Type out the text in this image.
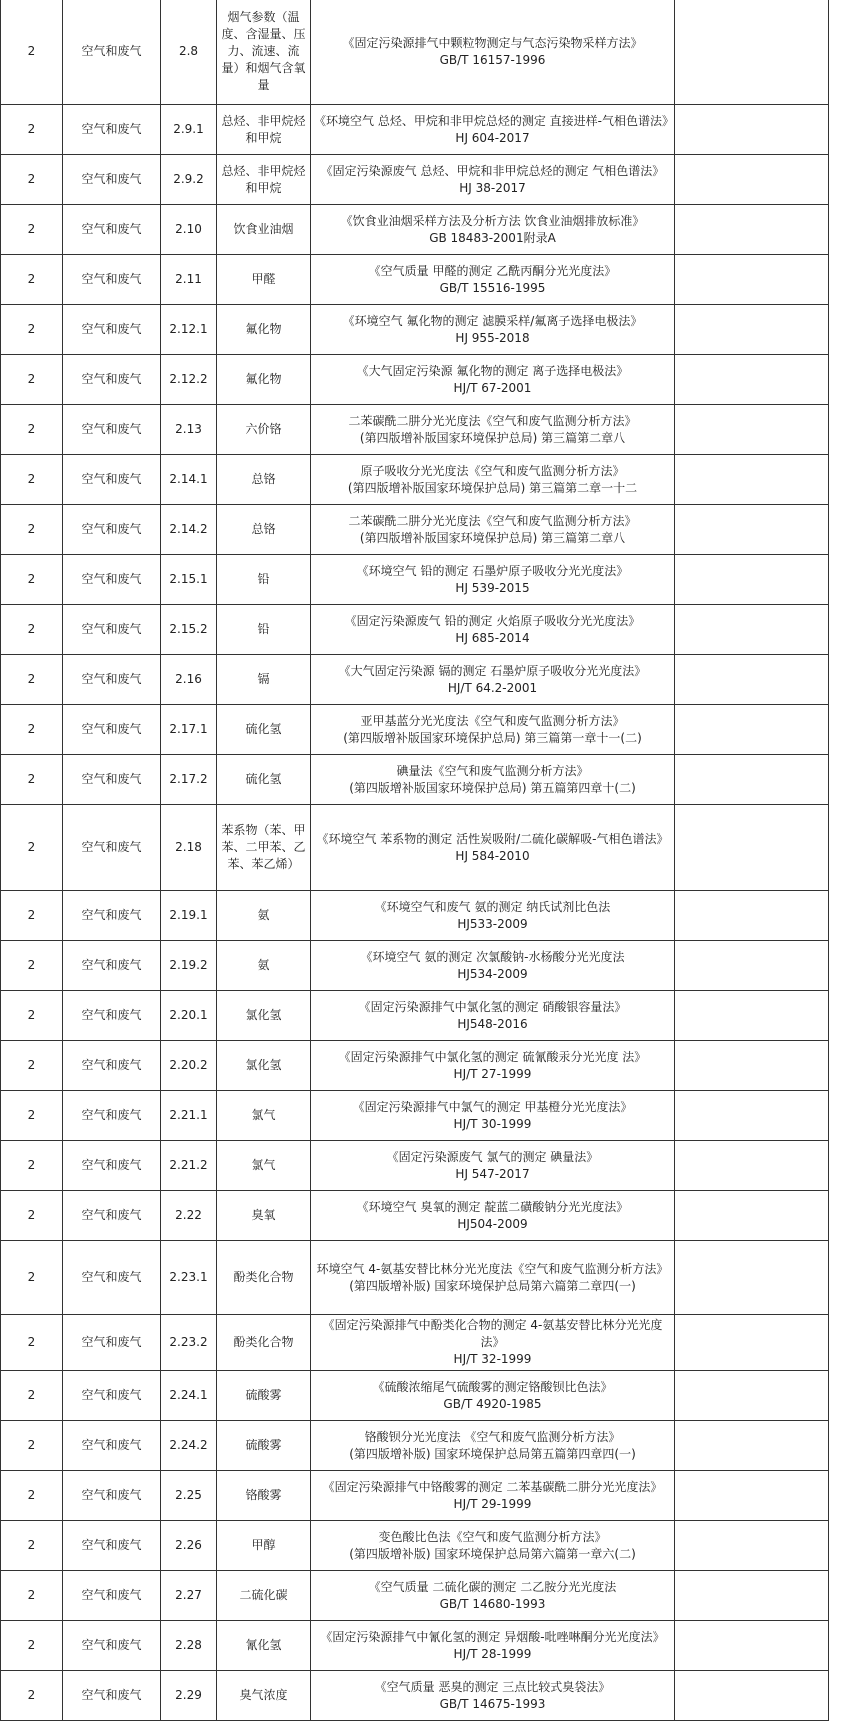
2	空气和废气	2.8	烟气参数（温度、含湿量、压力、流速、流量）和烟气含氧量	《固定污染源排气中颗粒物测定与气态污染物采样方法》
GB/T 16157-1996	

2	空气和废气	2.9.1	总烃、非甲烷烃和甲烷	《环境空气 总烃、甲烷和非甲烷总烃的测定 直接进样-气相色谱法》
HJ 604-2017	

2	空气和废气	2.9.2	总烃、非甲烷烃和甲烷	《固定污染源废气 总烃、甲烷和非甲烷总烃的测定 气相色谱法》
HJ 38-2017	

2	空气和废气	2.10	饮食业油烟	《饮食业油烟采样方法及分析方法 饮食业油烟排放标准》
GB 18483-2001附录A	

2	空气和废气	2.11	甲醛	《空气质量 甲醛的测定 乙酰丙酮分光光度法》
GB/T 15516-1995	

2	空气和废气	2.12.1	氟化物	《环境空气 氟化物的测定 滤膜采样/氟离子选择电极法》
HJ 955-2018	

2	空气和废气	2.12.2	氟化物	《大气固定污染源 氟化物的测定 离子选择电极法》
HJ/T 67-2001	

2	空气和废气	2.13	六价铬	二苯碳酰二肼分光光度法《空气和废气监测分析方法》
(第四版增补版国家环境保护总局) 第三篇第二章八	

2	空气和废气	2.14.1	总铬	原子吸收分光光度法《空气和废气监测分析方法》
(第四版增补版国家环境保护总局) 第三篇第二章一十二	

2	空气和废气	2.14.2	总铬	二苯碳酰二肼分光光度法《空气和废气监测分析方法》
(第四版增补版国家环境保护总局) 第三篇第二章八	

2	空气和废气	2.15.1	铅	《环境空气 铅的测定 石墨炉原子吸收分光光度法》
HJ 539-2015	

2	空气和废气	2.15.2	铅	《固定污染源废气 铅的测定 火焰原子吸收分光光度法》
HJ 685-2014	

2	空气和废气	2.16	镉	《大气固定污染源 镉的测定 石墨炉原子吸收分光光度法》
HJ/T 64.2-2001	

2	空气和废气	2.17.1	硫化氢	亚甲基蓝分光光度法《空气和废气监测分析方法》
(第四版增补版国家环境保护总局) 第三篇第一章十一(二)	

2	空气和废气	2.17.2	硫化氢	碘量法《空气和废气监测分析方法》
(第四版增补版国家环境保护总局) 第五篇第四章十(二)	

2	空气和废气	2.18	苯系物（苯、甲苯、二甲苯、乙苯、苯乙烯）	《环境空气 苯系物的测定 活性炭吸附/二硫化碳解吸-气相色谱法》
HJ 584-2010	

2	空气和废气	2.19.1	氨	《环境空气和废气 氨的测定 纳氏试剂比色法
HJ533-2009	

2	空气和废气	2.19.2	氨	《环境空气 氨的测定 次氯酸钠-水杨酸分光光度法
HJ534-2009	

2	空气和废气	2.20.1	氯化氢	《固定污染源排气中氯化氢的测定 硝酸银容量法》
HJ548-2016	

2	空气和废气	2.20.2	氯化氢	《固定污染源排气中氯化氢的测定 硫氰酸汞分光光度 法》
HJ/T 27-1999	

2	空气和废气	2.21.1	氯气	《固定污染源排气中氯气的测定 甲基橙分光光度法》
HJ/T 30-1999	

2	空气和废气	2.21.2	氯气	《固定污染源废气 氯气的测定 碘量法》
HJ 547-2017	

2	空气和废气	2.22	臭氧	《环境空气 臭氧的测定 靛蓝二磺酸钠分光光度法》
HJ504-2009	

2	空气和废气	2.23.1	酚类化合物	环境空气 4-氨基安替比林分光光度法《空气和废气监测分析方法》
(第四版增补版) 国家环境保护总局第六篇第二章四(一)	

2	空气和废气	2.23.2	酚类化合物	《固定污染源排气中酚类化合物的测定 4-氨基安替比林分光光度法》
HJ/T 32-1999	

2	空气和废气	2.24.1	硫酸雾	《硫酸浓缩尾气硫酸雾的测定铬酸钡比色法》
GB/T 4920-1985	

2	空气和废气	2.24.2	硫酸雾	铬酸钡分光光度法 《空气和废气监测分析方法》
(第四版增补版) 国家环境保护总局第五篇第四章四(一)	

2	空气和废气	2.25	铬酸雾	《固定污染源排气中铬酸雾的测定 二苯基碳酰二肼分光光度法》
HJ/T 29-1999	

2	空气和废气	2.26	甲醇	变色酸比色法《空气和废气监测分析方法》
(第四版增补版) 国家环境保护总局第六篇第一章六(二)	

2	空气和废气	2.27	二硫化碳	《空气质量 二硫化碳的测定 二乙胺分光光度法
GB/T 14680-1993	

2	空气和废气	2.28	氰化氢	《固定污染源排气中氰化氢的测定 异烟酸-吡唑啉酮分光光度法》
HJ/T 28-1999	

2	空气和废气	2.29	臭气浓度	《空气质量 恶臭的测定 三点比较式臭袋法》
GB/T 14675-1993	
